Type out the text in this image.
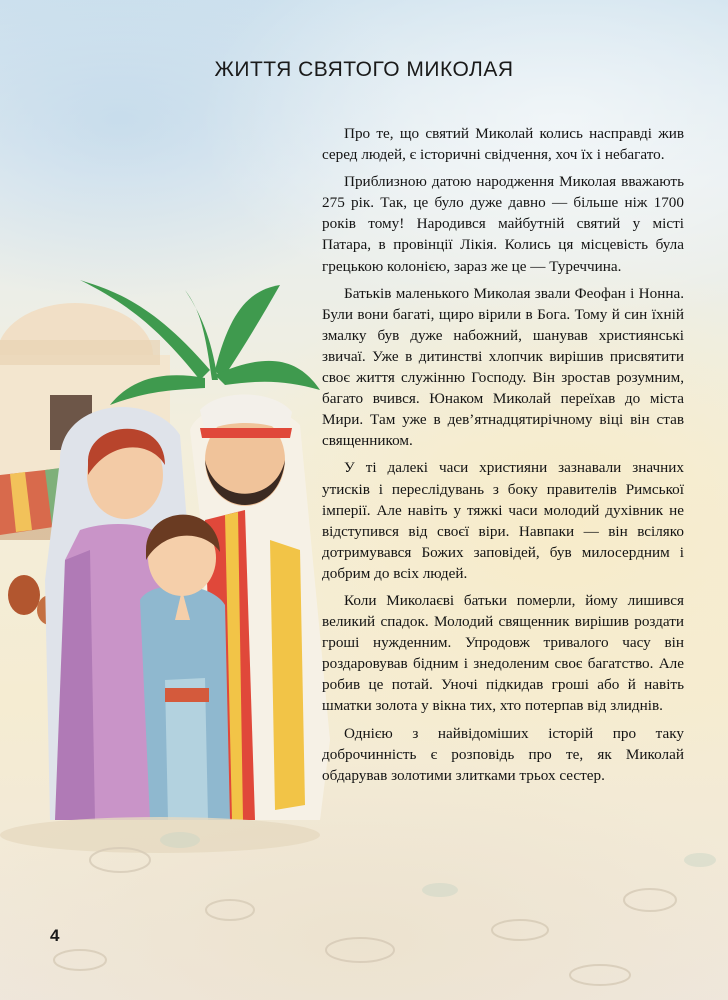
ЖИТТЯ СВЯТОГО МИКОЛАЯ

Про те, що святий Миколай колись насправді жив серед людей, є історичні свідчення, хоч їх і небагато.

Приблизною датою народження Миколая вважають 275 рік. Так, це було дуже давно — більше ніж 1700 років тому! Народився майбутній святий у місті Патара, в провінції Лікія. Колись ця місцевість була грецькою колонією, зараз же це — Туреччина.

Батьків маленького Миколая звали Феофан і Нонна. Були вони багаті, щиро вірили в Бога. Тому й син їхній змалку був дуже набожний, шанував християнські звичаї. Уже в дитинстві хлопчик вирішив присвятити своє життя служінню Господу. Він зростав розумним, багато вчився. Юнаком Миколай переїхав до міста Мири. Там уже в дев’ятнадцятирічному віці він став священником.

У ті далекі часи християни зазнавали значних утисків і переслідувань з боку правителів Римської імперії. Але навіть у тяжкі часи молодий духівник не відступився від своєї віри. Навпаки — він всіляко дотримувався Божих заповідей, був милосердним і добрим до всіх людей.

Коли Миколаєві батьки померли, йому лишився великий спадок. Молодий священник вирішив роздати гроші нужденним. Упродовж тривалого часу він роздаровував бідним і знедоленим своє багатство. Але робив це потай. Уночі підкидав гроші або й навіть шматки золота у вікна тих, хто потерпав від злиднів.

Однією з найвідоміших історій про таку доброчинність є розповідь про те, як Миколай обдарував золотими злитками трьох сестер.

4
